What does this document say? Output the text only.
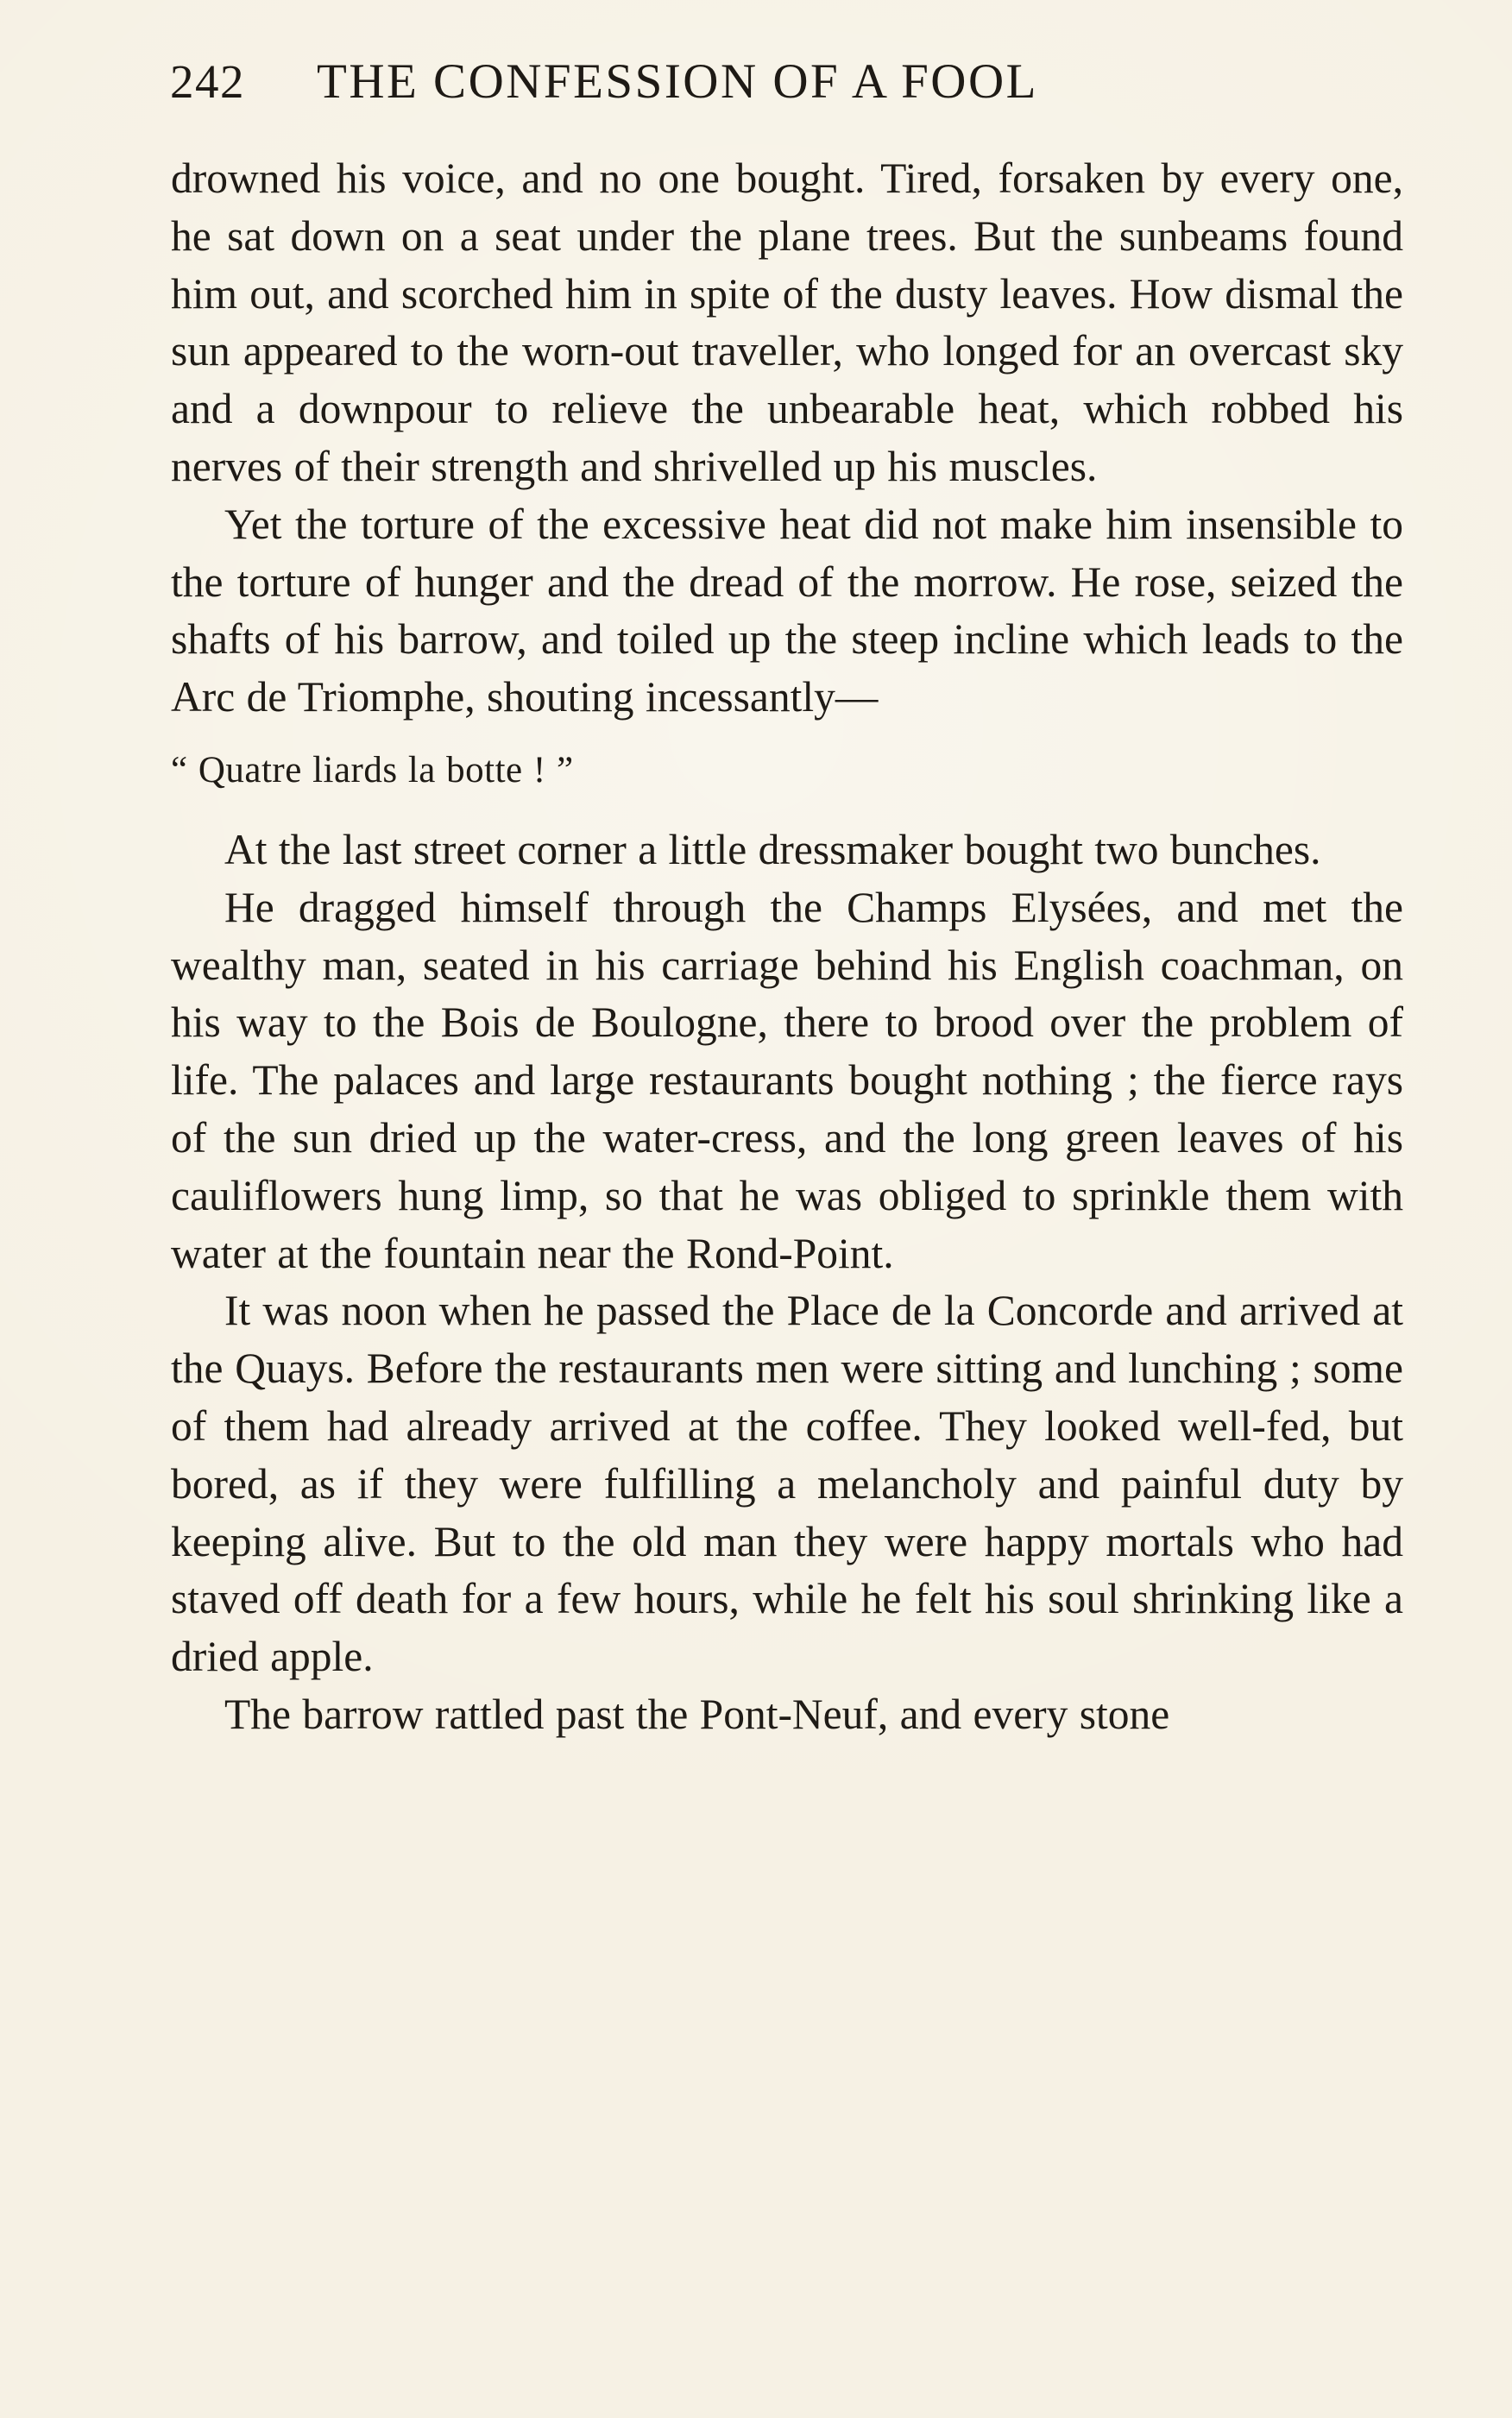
242	THE CONFESSION OF A FOOL

drowned his voice, and no one bought. Tired, forsaken by every one, he sat down on a seat under the plane trees. But the sunbeams found him out, and scorched him in spite of the dusty leaves. How dismal the sun appeared to the worn-out traveller, who longed for an overcast sky and a downpour to relieve the unbearable heat, which robbed his nerves of their strength and shrivelled up his muscles.

Yet the torture of the excessive heat did not make him insensible to the torture of hunger and the dread of the morrow. He rose, seized the shafts of his barrow, and toiled up the steep incline which leads to the Arc de Triomphe, shouting incessantly—

“ Quatre liards la botte ! ”

At the last street corner a little dressmaker bought two bunches.

He dragged himself through the Champs Elysées, and met the wealthy man, seated in his carriage behind his English coachman, on his way to the Bois de Boulogne, there to brood over the problem of life. The palaces and large restaurants bought nothing ; the fierce rays of the sun dried up the water-cress, and the long green leaves of his cauliflowers hung limp, so that he was obliged to sprinkle them with water at the fountain near the Rond-Point.

It was noon when he passed the Place de la Concorde and arrived at the Quays. Before the restaurants men were sitting and lunching ; some of them had already arrived at the coffee. They looked well-fed, but bored, as if they were fulfilling a melancholy and painful duty by keeping alive. But to the old man they were happy mortals who had staved off death for a few hours, while he felt his soul shrinking like a dried apple.

The barrow rattled past the Pont-Neuf, and every stone
